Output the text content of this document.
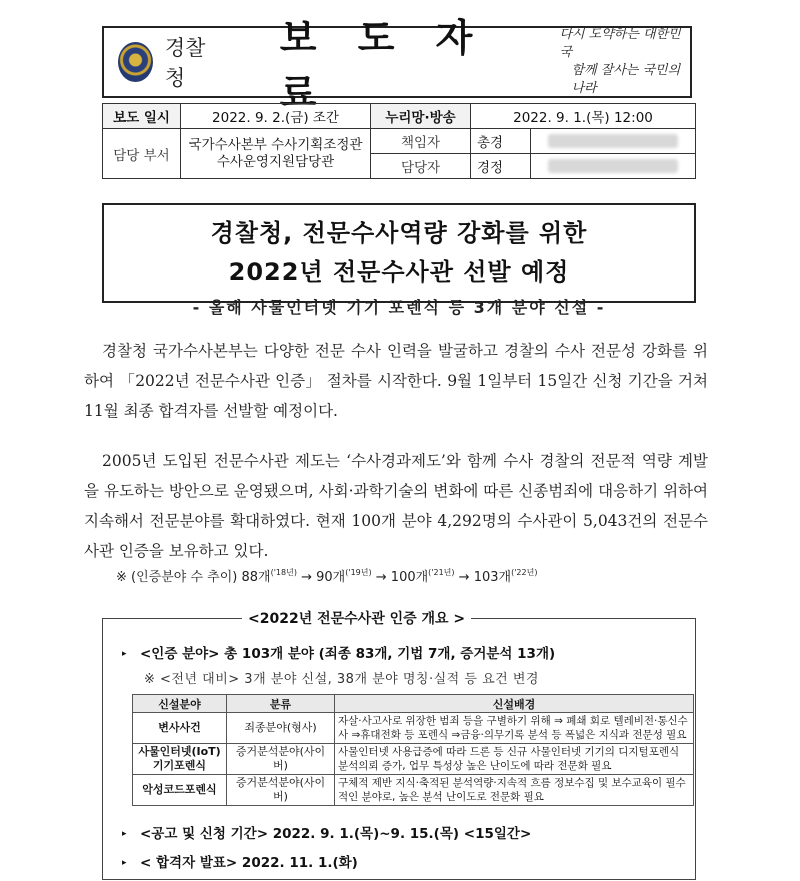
경찰청
보 도 자 료
다시 도약하는 대한민국
함께 잘사는 국민의 나라
보도 일시	2022. 9. 2.(금) 조간	누리망·방송	2022. 9. 1.(목) 12:00	
담당 부서	국가수사본부 수사기획조정관
수사운영지원담당관	책임자	총경	
		담당자	경정	
경찰청, 전문수사역량 강화를 위한
2022년 전문수사관 선발 예정
- 올해 사물인터넷 기기 포렌식 등 3개 분야 신설 -
경찰청 국가수사본부는 다양한 전문 수사 인력을 발굴하고 경찰의 수사 전문성 강화를 위하여 「2022년 전문수사관 인증」 절차를 시작한다. 9월 1일부터 15일간 신청 기간을 거쳐 11월 최종 합격자를 선발할 예정이다.
2005년 도입된 전문수사관 제도는 ‘수사경과제도’와 함께 수사 경찰의 전문적 역량 계발을 유도하는 방안으로 운영됐으며, 사회·과학기술의 변화에 따른 신종범죄에 대응하기 위하여 지속해서 전문분야를 확대하였다. 현재 100개 분야 4,292명의 수사관이 5,043건의 전문수사관 인증을 보유하고 있다.
※ (인증분야 수 추이) 88개$^{('18년)}$ → 90개$^{('19년)}$ → 100개$^{('21년)}$ → 103개$^{('22년)}$
<2022년 전문수사관 인증 개요 >
▸ <인증 분야> 총 103개 분야 (죄종 83개, 기법 7개, 증거분석 13개)
※ <전년 대비> 3개 분야 신설, 38개 분야 명칭·실적 등 요건 변경
신설분야	분류	신설배경
변사사건	죄종분야(형사)	자살·사고사로 위장한 범죄 등을 구별하기 위해 ⇒ 폐쇄 회로 텔레비전·통신수사 ⇒휴대전화 등 포렌식 ⇒금융·의무기록 분석 등 폭넓은 지식과 전문성 필요
사물인터넷(IoT) 기기포렌식	증거분석분야(사이버)	사물인터넷 사용급증에 따라 드론 등 신규 사물인터넷 기기의 디지털포렌식 분석의뢰 증가, 업무 특성상 높은 난이도에 따라 전문화 필요
악성코드포렌식	증거분석분야(사이버)	구체적 제반 지식·축적된 분석역량·지속적 흐름 정보수집 및 보수교육이 필수적인 분야로, 높은 분석 난이도로 전문화 필요
▸ <공고 및 신청 기간> 2022. 9. 1.(목)~9. 15.(목) <15일간>
▸ < 합격자 발표> 2022. 11. 1.(화)
